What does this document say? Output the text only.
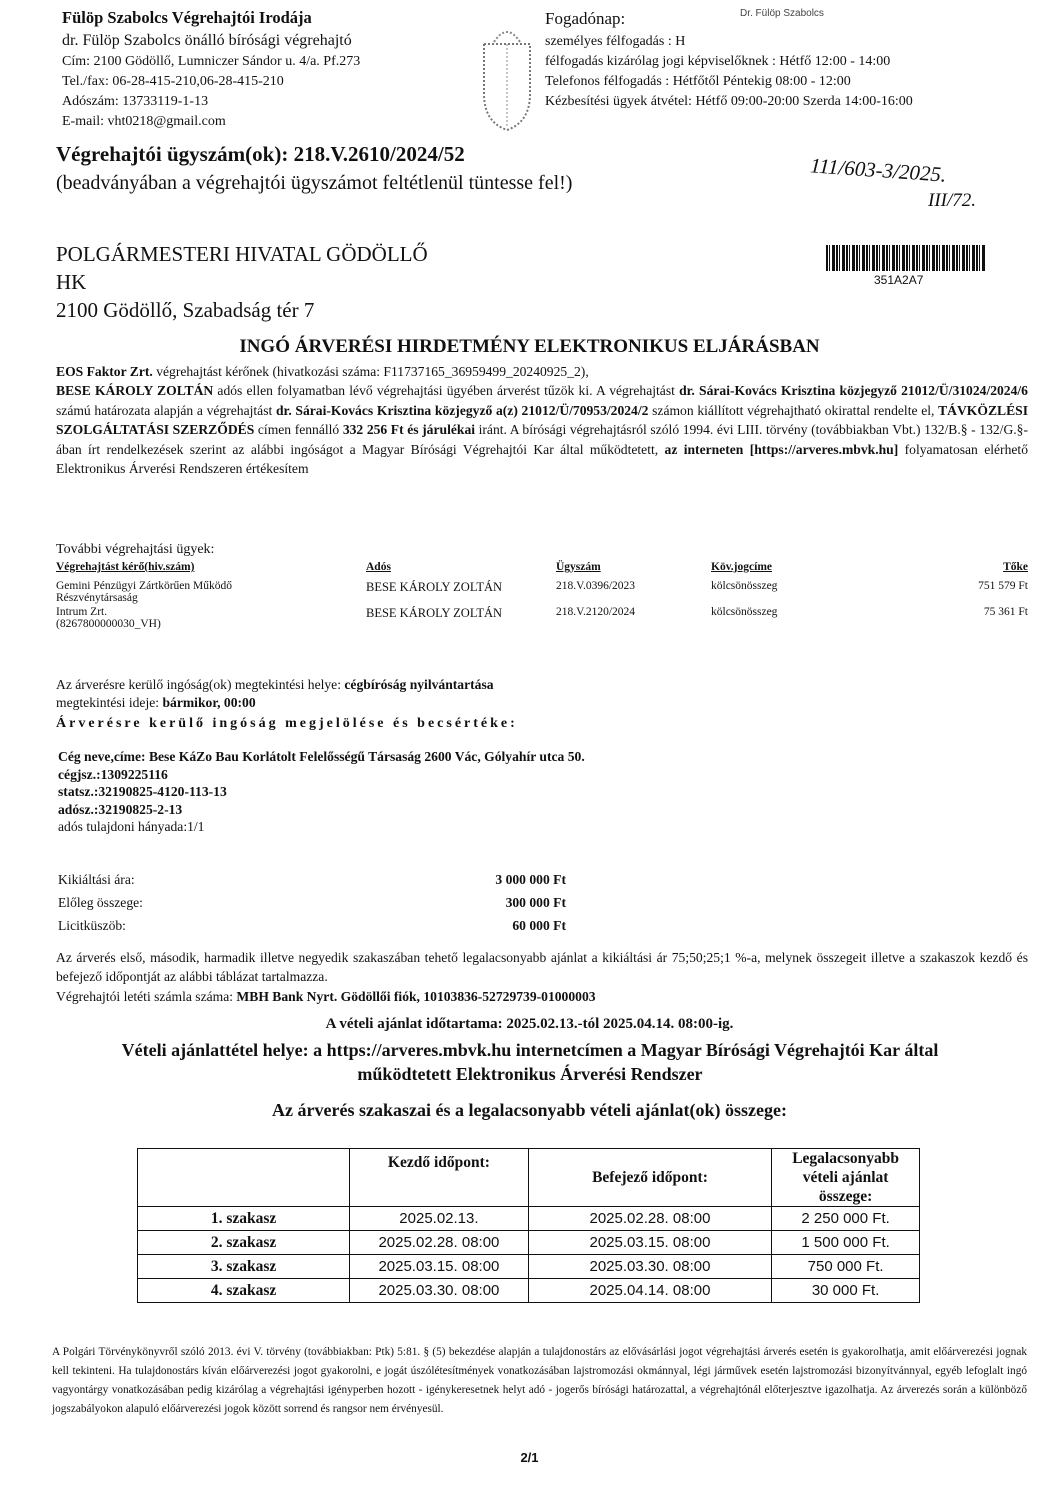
Fülöp Szabolcs Végrehajtói Irodája
dr. Fülöp Szabolcs önálló bírósági végrehajtó
Cím: 2100 Gödöllő, Lumniczer Sándor u. 4/a. Pf.273
Tel./fax: 06-28-415-210,06-28-415-210
Adószám: 13733119-1-13
E-mail: vht0218@gmail.com
Fogadónap:
személyes félfogadás : H
félfogadás kizárólag jogi képviselőknek : Hétfő 12:00 - 14:00
Telefonos félfogadás : Hétfőtől Péntekig 08:00 - 12:00
Kézbesítési ügyek átvétel: Hétfő 09:00-20:00 Szerda 14:00-16:00
Dr. Fülöp Szabolcs
Végrehajtói ügyszám(ok): 218.V.2610/2024/52
(beadványában a végrehajtói ügyszámot feltétlenül tüntesse fel!)	111/603-3/2025.
III/72.
POLGÁRMESTERI HIVATAL GÖDÖLLŐ
HK
2100 Gödöllő, Szabadság tér 7
351A2A7
INGÓ ÁRVERÉSI HIRDETMÉNY ELEKTRONIKUS ELJÁRÁSBAN
EOS Faktor Zrt. végrehajtást kérőnek (hivatkozási száma: F11737165_36959499_20240925_2),
BESE KÁROLY ZOLTÁN adós ellen folyamatban lévő végrehajtási ügyében árverést tűzök ki. A végrehajtást dr. Sárai-Kovács Krisztina közjegyző 21012/Ü/31024/2024/6 számú határozata alapján a végrehajtást dr. Sárai-Kovács Krisztina közjegyző a(z) 21012/Ü/70953/2024/2 számon kiállított végrehajtható okirattal rendelte el, TÁVKÖZLÉSI SZOLGÁLTATÁSI SZERZŐDÉS címen fennálló 332 256 Ft és járulékai iránt. A bírósági végrehajtásról szóló 1994. évi LIII. törvény (továbbiakban Vbt.) 132/B.§ - 132/G.§-ában írt rendelkezések szerint az alábbi ingóságot a Magyar Bírósági Végrehajtói Kar által működtetett, az interneten [https://arveres.mbvk.hu] folyamatosan elérhető Elektronikus Árverési Rendszeren értékesítem
További végrehajtási ügyek:
Végrehajtást kérő(hiv.szám)	Adós	Ügyszám	Köv.jogcíme	Tőke

Gemini Pénzügyi Zártkörűen Működő
Részvénytársaság	BESE KÁROLY ZOLTÁN	218.V.0396/2023	kölcsönösszeg	751 579 Ft

Intrum Zrt.
(8267800000030_VH)	BESE KÁROLY ZOLTÁN	218.V.2120/2024	kölcsönösszeg	75 361 Ft
Az árverésre kerülő ingóság(ok) megtekintési helye: cégbíróság nyilvántartása
megtekintési ideje: bármikor, 00:00
Árverésre kerülő ingóság megjelölése és becsértéke:
Cég neve,címe: Bese KáZo Bau Korlátolt Felelősségű Társaság 2600 Vác, Gólyahír utca 50.
cégjsz.:1309225116
statsz.:32190825-4120-113-13
adósz.:32190825-2-13
adós tulajdoni hányada:1/1
Kikiáltási ára:	3 000 000 Ft
Előleg összege:	300 000 Ft
Licitküszöb:	60 000 Ft
Az árverés első, második, harmadik illetve negyedik szakaszában tehető legalacsonyabb ajánlat a kikiáltási ár 75;50;25;1 %-a, melynek összegeit illetve a szakaszok kezdő és befejező időpontját az alábbi táblázat tartalmazza.
Végrehajtói letéti számla száma: MBH Bank Nyrt. Gödöllői fiók, 10103836-52729739-01000003
A vételi ajánlat időtartama: 2025.02.13.-tól 2025.04.14. 08:00-ig.
Vételi ajánlattétel helye: a https://arveres.mbvk.hu internetcímen a Magyar Bírósági Végrehajtói Kar által működtetett Elektronikus Árverési Rendszer
Az árverés szakaszai és a legalacsonyabb vételi ajánlat(ok) összege:
	Kezdő időpont:	Befejező időpont:	Legalacsonyabb vételi ajánlat összege:
1. szakasz	2025.02.13.	2025.02.28. 08:00	2 250 000 Ft.
2. szakasz	2025.02.28. 08:00	2025.03.15. 08:00	1 500 000 Ft.
3. szakasz	2025.03.15. 08:00	2025.03.30. 08:00	750 000 Ft.
4. szakasz	2025.03.30. 08:00	2025.04.14. 08:00	30 000 Ft.
A Polgári Törvénykönyvről szóló 2013. évi V. törvény (továbbiakban: Ptk) 5:81. § (5) bekezdése alapján a tulajdonostárs az elővásárlási jogot végrehajtási árverés esetén is gyakorolhatja, amit előárverezési jognak kell tekinteni. Ha tulajdonostárs kíván előárverezési jogot gyakorolni, e jogát úszólétesítmények vonatkozásában lajstromozási okmánnyal, légi járművek esetén lajstromozási bizonyítvánnyal, egyéb lefoglalt ingó vagyontárgy vonatkozásában pedig kizárólag a végrehajtási igényperben hozott - igénykeresetnek helyt adó - jogerős bírósági határozattal, a végrehajtónál előterjesztve igazolhatja. Az árverezés során a különböző jogszabályokon alapuló előárverezési jogok között sorrend és rangsor nem érvényesül.
2/1
